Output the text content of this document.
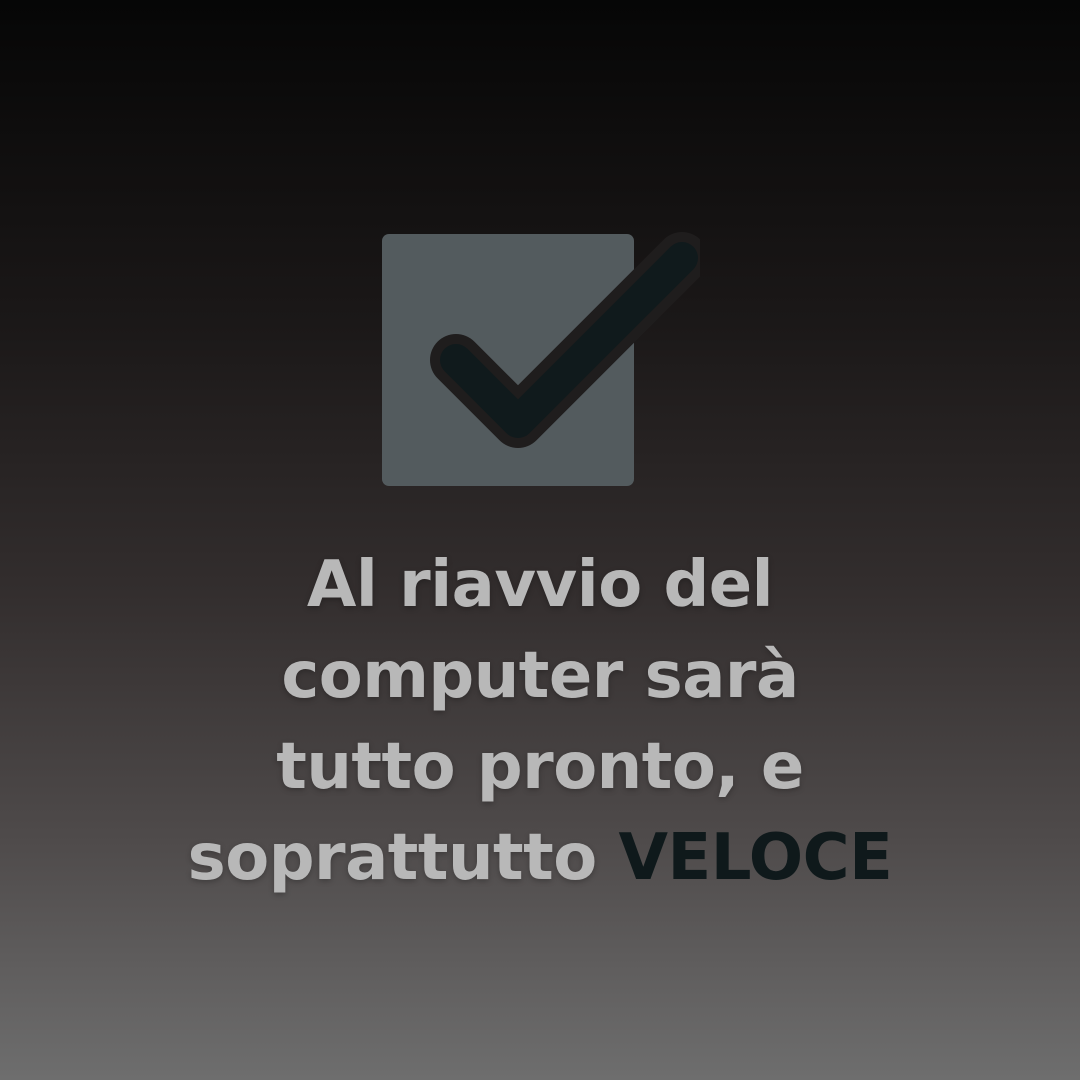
Al riavvio del
computer sarà
tutto pronto, e
soprattutto VELOCE
